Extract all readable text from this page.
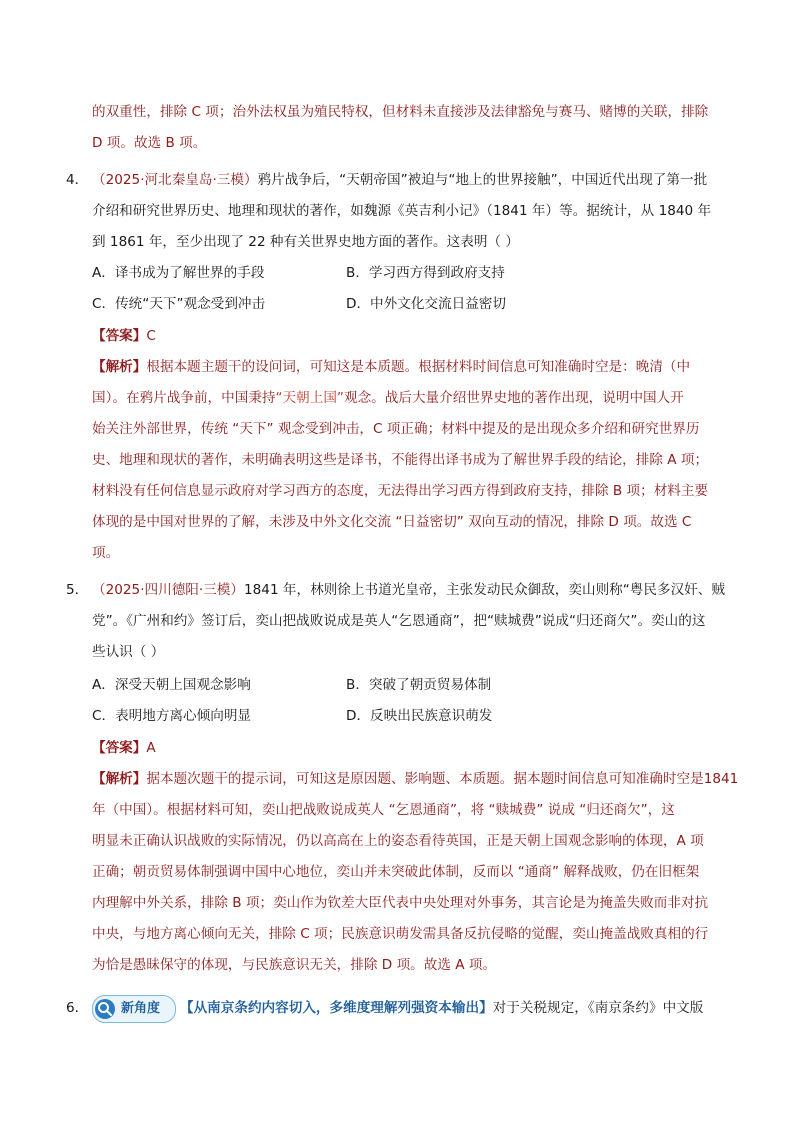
的双重性，排除 C 项；治外法权虽为殖民特权，但材料未直接涉及法律豁免与赛马、赌博的关联，排除
D 项。故选 B 项。
4． （2025·河北秦皇岛·三模）鸦片战争后，“天朝帝国”被迫与“地上的世界接触”，中国近代出现了第一批
介绍和研究世界历史、地理和现状的著作，如魏源《英吉利小记》（1841 年）等。据统计，从 1840 年
到 1861 年，至少出现了 22 种有关世界史地方面的著作。这表明（ ）
A．译书成为了解世界的手段	B．学习西方得到政府支持
C．传统“天下”观念受到冲击	D．中外文化交流日益密切
【答案】C
【解析】根据本题主题干的设问词，可知这是本质题。根据材料时间信息可知准确时空是：晚清（中
国）。在鸦片战争前，中国秉持“天朝上国”观念。战后大量介绍世界史地的著作出现，说明中国人开
始关注外部世界，传统 “天下” 观念受到冲击，C 项正确；材料中提及的是出现众多介绍和研究世界历
史、地理和现状的著作，未明确表明这些是译书，不能得出译书成为了解世界手段的结论，排除 A 项；
材料没有任何信息显示政府对学习西方的态度，无法得出学习西方得到政府支持，排除 B 项；材料主要
体现的是中国对世界的了解，未涉及中外文化交流 “日益密切” 双向互动的情况，排除 D 项。故选 C
项。
5． （2025·四川德阳·三模）1841 年，林则徐上书道光皇帝，主张发动民众御敌，奕山则称“粤民多汉奸、贼
党”。《广州和约》签订后，奕山把战败说成是英人“乞恩通商”，把“赎城费”说成“归还商欠”。奕山的这
些认识（ ）
A．深受天朝上国观念影响	B．突破了朝贡贸易体制
C．表明地方离心倾向明显	D．反映出民族意识萌发
【答案】A
【解析】据本题次题干的提示词，可知这是原因题、影响题、本质题。据本题时间信息可知准确时空是1841
年（中国）。根据材料可知，奕山把战败说成英人 “乞恩通商”，将 “赎城费” 说成 “归还商欠”，这
明显未正确认识战败的实际情况，仍以高高在上的姿态看待英国，正是天朝上国观念影响的体现，A 项
正确；朝贡贸易体制强调中国中心地位，奕山并未突破此体制，反而以 “通商” 解释战败，仍在旧框架
内理解中外关系，排除 B 项；奕山作为钦差大臣代表中央处理对外事务，其言论是为掩盖失败而非对抗
中央，与地方离心倾向无关，排除 C 项；民族意识萌发需具备反抗侵略的觉醒，奕山掩盖战败真相的行
为恰是愚昧保守的体现，与民族意识无关，排除 D 项。故选 A 项。
6．	新角度 【从南京条约内容切入，多维度理解列强资本输出】对于关税规定，《南京条约》中文版
